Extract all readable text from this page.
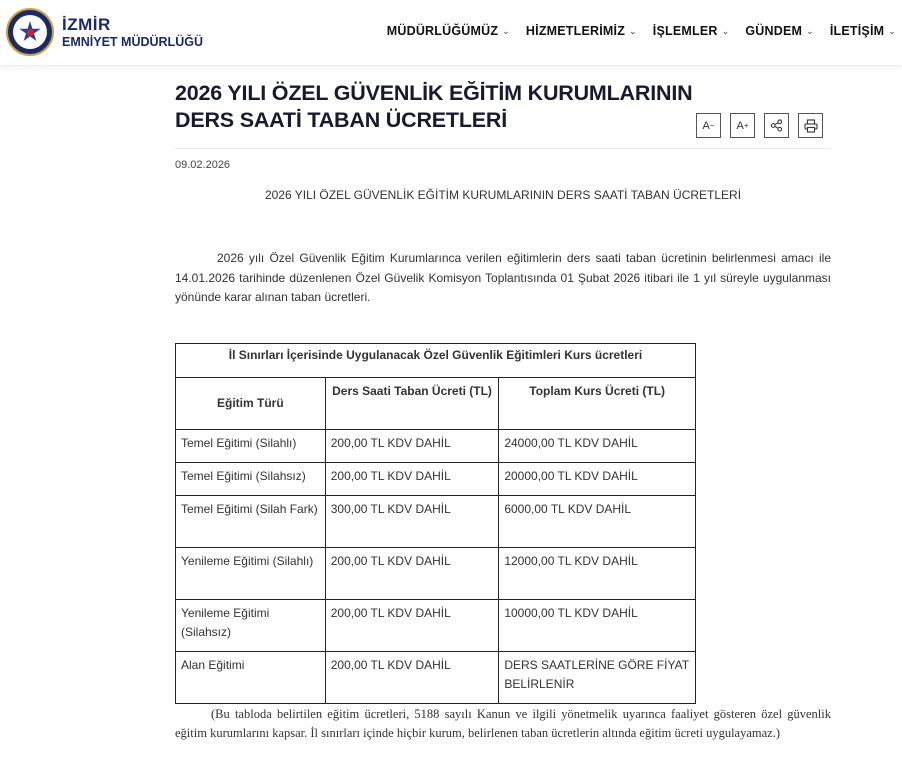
İZMİR
EMNİYET MÜDÜRLÜĞÜ
MÜDÜRLÜĞÜMÜZ ⌄ HİZMETLERİMİZ ⌄ İŞLEMLER ⌄ GÜNDEM ⌄ İLETİŞİM ⌄
2026 YILI ÖZEL GÜVENLİK EĞİTİM KURUMLARININ DERS SAATİ TABAN ÜCRETLERİ	A − A +
09.02.2026

2026 YILI ÖZEL GÜVENLİK EĞİTİM KURUMLARININ DERS SAATİ TABAN ÜCRETLERİ

2026 yılı Özel Güvenlik Eğitim Kurumlarınca verilen eğitimlerin ders saati taban ücretinin belirlenmesi amacı ile 14.01.2026 tarihinde düzenlenen Özel Güvelik Komisyon Toplantısında 01 Şubat 2026 itibari ile 1 yıl süreyle uygulanması yönünde karar alınan taban ücretleri.

İl Sınırları İçerisinde Uygulanacak Özel Güvenlik Eğitimleri Kurs ücretleri		
Eğitim Türü	Ders Saati Taban Ücreti (TL)	Toplam Kurs Ücreti (TL)
Temel Eğitimi (Silahlı)	200,00 TL KDV DAHİL	24000,00 TL KDV DAHİL
Temel Eğitimi (Silahsız)	200,00 TL KDV DAHİL	20000,00 TL KDV DAHİL
Temel Eğitimi (Silah Fark)	300,00 TL KDV DAHİL	6000,00 TL KDV DAHİL
Yenileme Eğitimi (Silahlı)	200,00 TL KDV DAHİL	12000,00 TL KDV DAHİL
Yenileme Eğitimi (Silahsız)	200,00 TL KDV DAHİL	10000,00 TL KDV DAHİL
Alan Eğitimi	200,00 TL KDV DAHİL	DERS SAATLERİNE GÖRE FİYAT BELİRLENİR

(Bu tabloda belirtilen eğitim ücretleri, 5188 sayılı Kanun ve ilgili yönetmelik uyarınca faaliyet gösteren özel güvenlik eğitim kurumlarını kapsar. İl sınırları içinde hiçbir kurum, belirlenen taban ücretlerin altında eğitim ücreti uygulayamaz.)
